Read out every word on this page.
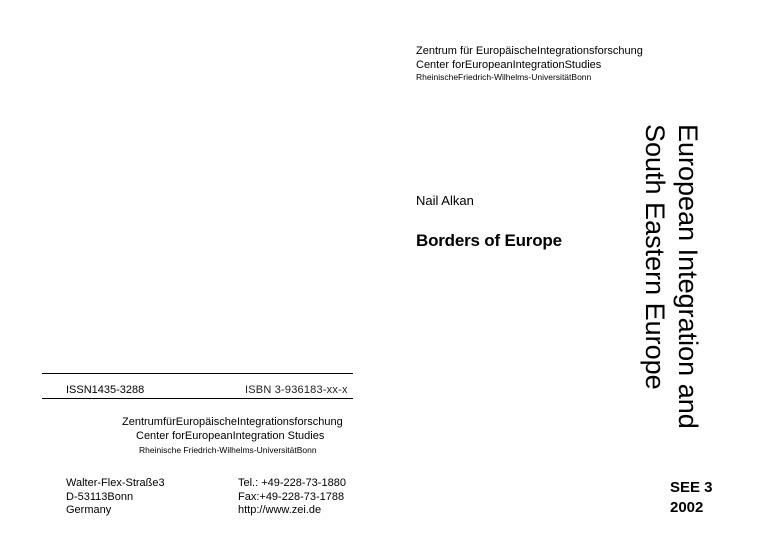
ISSN1435-3288	ISBN 3-936183-xx-x
ZentrumfürEuropäischeIntegrationsforschung
Center forEuropeanIntegration Studies
Rheinische Friedrich-Wilhelms-UniversitätBonn
Walter-Flex-Straße3
D-53113Bonn
Germany
Tel.: +49-228-73-1880
Fax:+49-228-73-1788
http://www.zei.de
Zentrum für EuropäischeIntegrationsforschung
Center forEuropeanIntegrationStudies
RheinischeFriedrich-Wilhelms-UniversitätBonn
Nail Alkan
Borders of Europe	European Integration and
South Eastern Europe
SEE 3
2002
